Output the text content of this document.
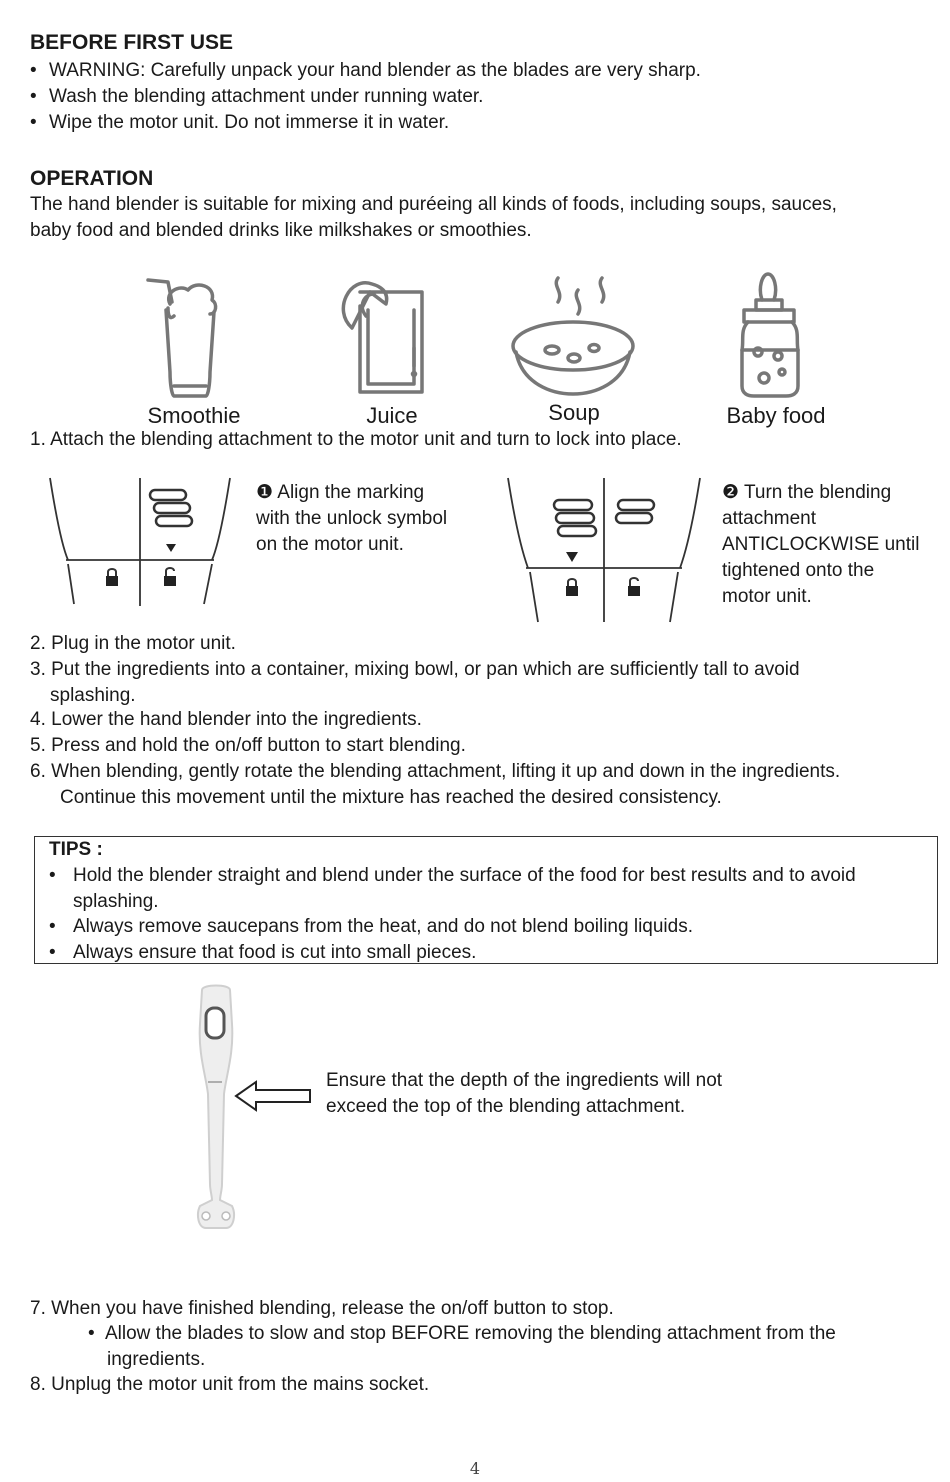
BEFORE FIRST USE
• WARNING: Carefully unpack your hand blender as the blades are very sharp.
• Wash the blending attachment under running water.
• Wipe the motor unit. Do not immerse it in water.
OPERATION
The hand blender is suitable for mixing and puréeing all kinds of foods, including soups, sauces,
baby food and blended drinks like milkshakes or smoothies.
Smoothie	Juice	Soup	Baby food
1. Attach the blending attachment to the motor unit and turn to lock into place.
❶ Align the marking
with the unlock symbol
on the motor unit.
❷ Turn the blending
attachment
ANTICLOCKWISE until
tightened onto the
motor unit.
2. Plug in the motor unit.
3. Put the ingredients into a container, mixing bowl, or pan which are sufficiently tall to avoid
splashing.
4. Lower the hand blender into the ingredients.
5. Press and hold the on/off button to start blending.
6. When blending, gently rotate the blending attachment, lifting it up and down in the ingredients.
Continue this movement until the mixture has reached the desired consistency.
TIPS :
• Hold the blender straight and blend under the surface of the food for best results and to avoid
splashing.
• Always remove saucepans from the heat, and do not blend boiling liquids.
• Always ensure that food is cut into small pieces.
Ensure that the depth of the ingredients will not
exceed the top of the blending attachment.
7. When you have finished blending, release the on/off button to stop.
• Allow the blades to slow and stop BEFORE removing the blending attachment from the
ingredients.
8. Unplug the motor unit from the mains socket.
4
